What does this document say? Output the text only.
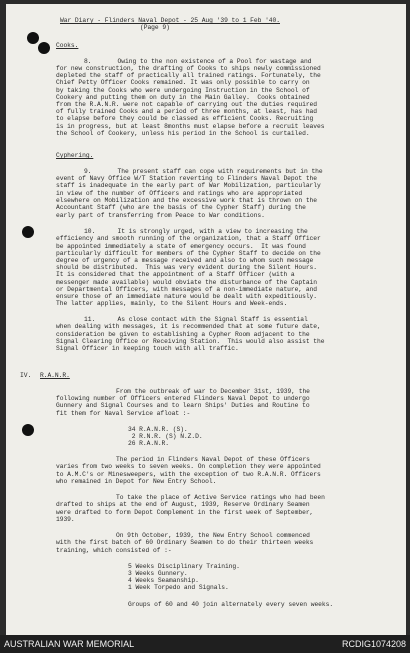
War Diary - Flinders Naval Depot - 25 Aug '39 to 1 Feb '40.
(Page 9)
Cooks.
8.       Owing to the non existence of a Pool for wastage and
for new construction, the drafting of Cooks to ships newly commissioned
depleted the staff of practically all trained ratings. Fortunately, the
Chief Petty Officer Cooks remained. It was only possible to carry on
by taking the Cooks who were undergoing Instruction in the School of
Cookery and putting them on duty in the Main Galley.  Cooks obtained
from the R.A.N.R. were not capable of carrying out the duties required
of fully trained Cooks and a period of three months, at least, has had
to elapse before they could be classed as efficient Cooks. Recruiting
is in progress, but at least 8months must elapse before a recruit leaves
the School of Cookery, unless his period in the School is curtailed.
Cyphering.
9.       The present staff can cope with requirements but in the
event of Navy Office W/T Station reverting to Flinders Naval Depot the
staff is inadequate in the early part of War Mobilization, particularly
in view of the number of Officers and ratings who are appropriated
elsewhere on Mobilization and the excessive work that is thrown on the
Accountant Staff (who are the basis of the Cypher Staff) during the
early part of transferring from Peace to War conditions.
10.      It is strongly urged, with a view to increasing the
efficiency and smooth running of the organization, that a Staff Officer
be appointed immediately a state of emergency occurs.  It was found
particularly difficult for members of the Cypher Staff to decide on the
degree of urgency of a message received and also to whom such message
should be distributed.  This was very evident during the Silent Hours.
It is considered that the appointment of a Staff Officer (with a
messenger made available) would obviate the disturbance of the Captain
or Departmental Officers, with messages of a non-immediate nature, and
ensure those of an immediate nature would be dealt with expeditiously.
The latter applies, mainly, to the Silent Hours and Week-ends.
11.      As close contact with the Signal Staff is essential
when dealing with messages, it is recommended that at some future date,
consideration be given to establishing a Cypher Room adjacent to the
Signal Clearing Office or Receiving Station.  This would also assist the
Signal Officer in keeping touch with all traffic.
IV. R.A.N.R.
From the outbreak of war to December 31st, 1939, the
following number of Officers entered Flinders Naval Depot to undergo
Gunnery and Signal Courses and to learn Ships' Duties and Routine to
fit them for Naval Service afloat :-
34 R.A.N.R. (S).
2 R.N.R. (S) N.Z.D.
26 R.A.N.R.
The period in Flinders Naval Depot of these Officers
varies from two weeks to seven weeks. On completion they were appointed
to A.M.C's or Minesweepers, with the exception of two R.A.N.R. Officers
who remained in Depot for New Entry School.
To take the place of Active Service ratings who had been
drafted to ships at the end of August, 1939, Reserve Ordinary Seamen
were drafted to form Depot Complement in the first week of September,
1939.
On 9th October, 1939, the New Entry School commenced
with the first batch of 60 Ordinary Seamen to do their thirteen weeks
training, which consisted of :-
5 Weeks Disciplinary Training.
3 Weeks Gunnery.
4 Weeks Seamanship.
1 Week Torpedo and Signals.
Groups of 60 and 40 join alternately every seven weeks.
AUSTRALIAN WAR MEMORIAL	RCDIG1074208
